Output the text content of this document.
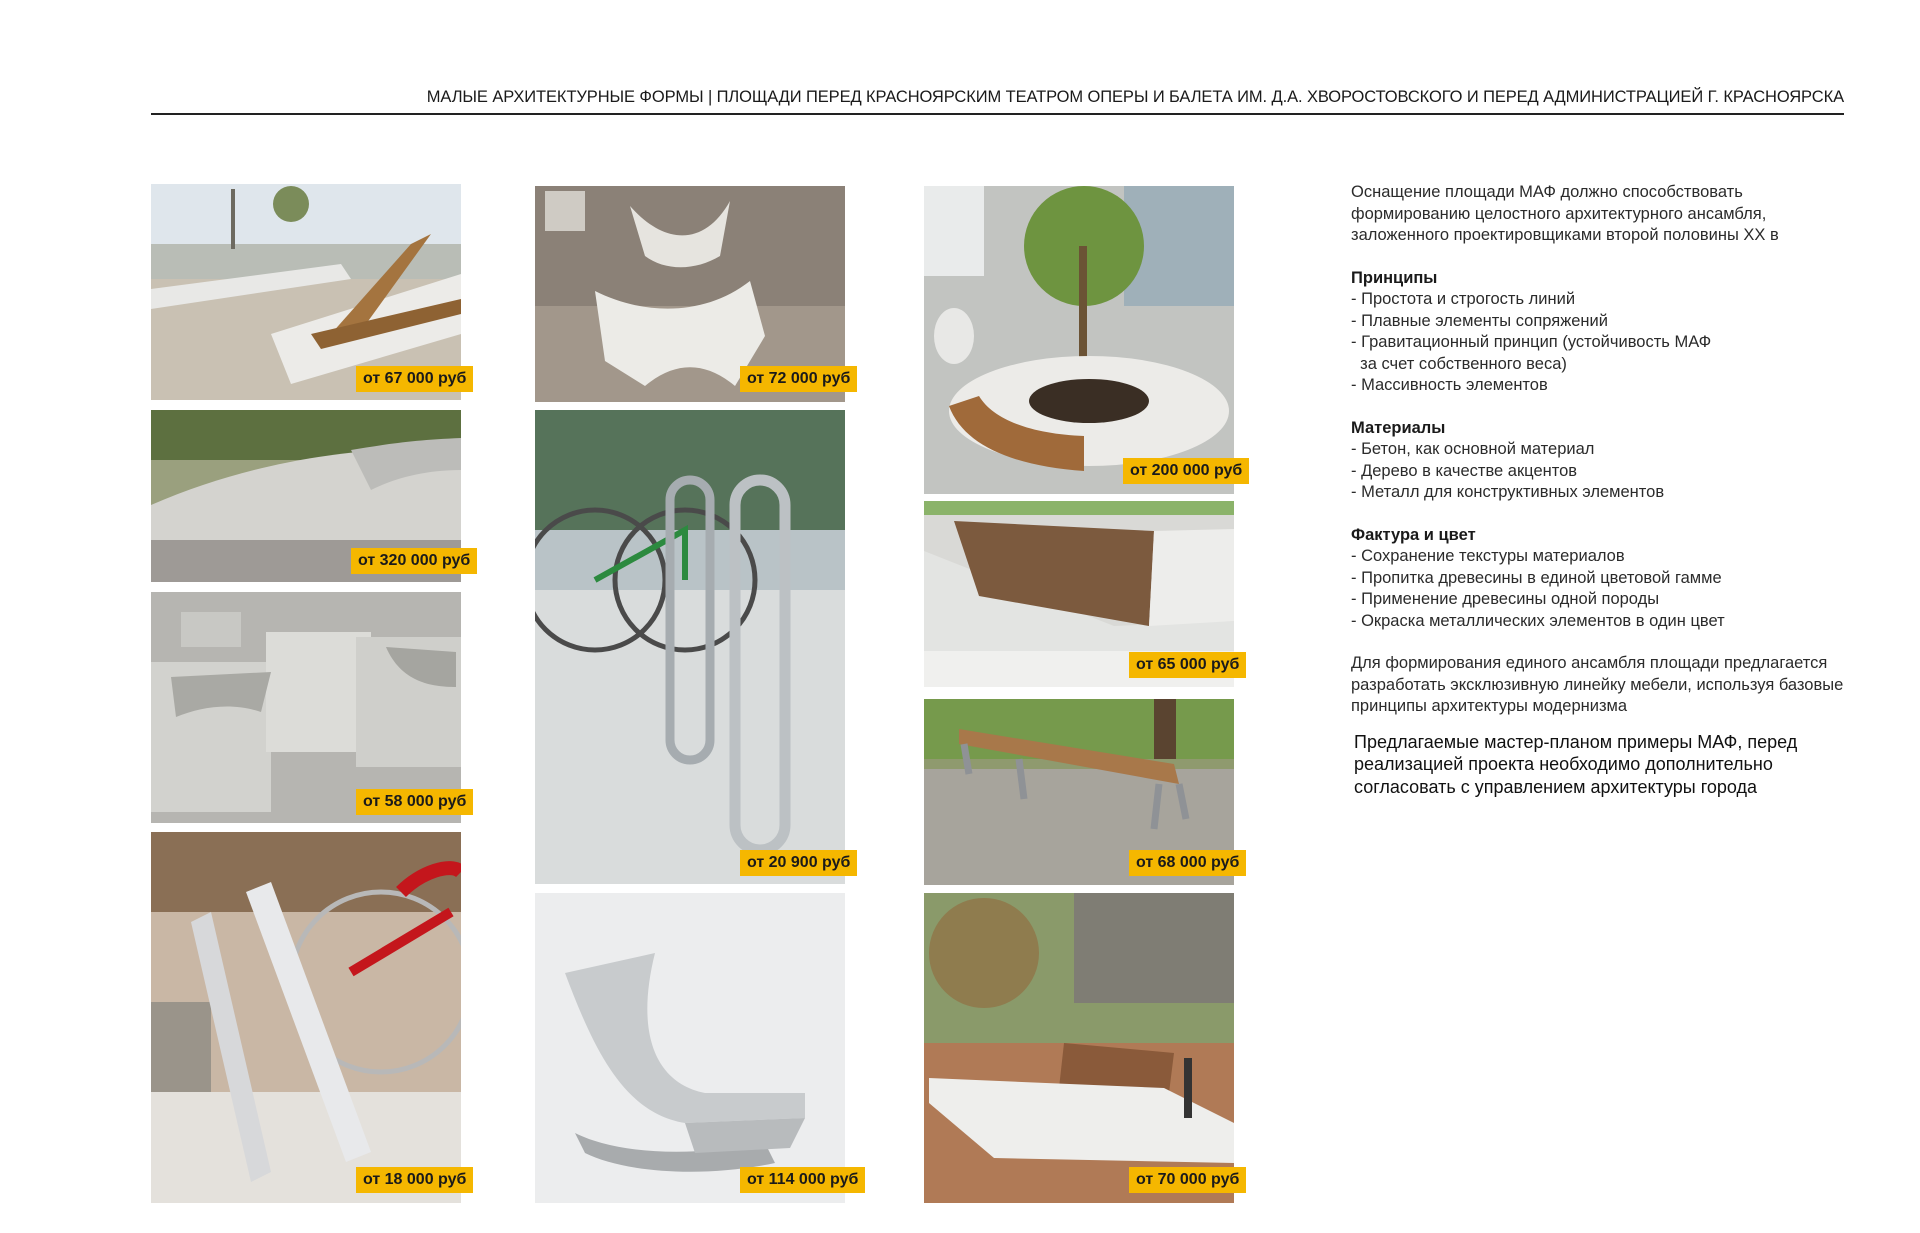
МАЛЫЕ АРХИТЕКТУРНЫЕ ФОРМЫ | ПЛОЩАДИ ПЕРЕД КРАСНОЯРСКИМ ТЕАТРОМ ОПЕРЫ И БАЛЕТА ИМ. Д.А. ХВОРОСТОВСКОГО И ПЕРЕД АДМИНИСТРАЦИЕЙ Г. КРАСНОЯРСКА
от 67 000 руб
от 320 000 руб
от 58 000 руб
от 18 000 руб
от 72 000 руб
от 20 900 руб
от 114 000 руб
от 200 000 руб
от 65 000 руб
от 68 000 руб
от 70 000 руб

Оснащение площади МАФ должно способствовать формированию целостного архитектурного ансамбля, заложенного проектировщиками второй половины XX в

Принципы
- Простота и строгость линий
- Плавные элементы сопряжений
- Гравитационный принцип (устойчивость МАФ
за счет собственного веса)
- Массивность элементов
Материалы
- Бетон, как основной материал
- Дерево в качестве акцентов
- Металл для конструктивных элементов
Фактура и цвет
- Сохранение текстуры материалов
- Пропитка древесины в единой цветовой гамме
- Применение древесины одной породы
- Окраска металлических элементов в один цвет

Для формирования единого ансамбля площади предлагается разработать эксклюзивную линейку мебели, используя базовые принципы архитектуры модернизма

Предлагаемые мастер-планом примеры МАФ, перед реализацией проекта необходимо дополнительно согласовать с управлением архитектуры города
